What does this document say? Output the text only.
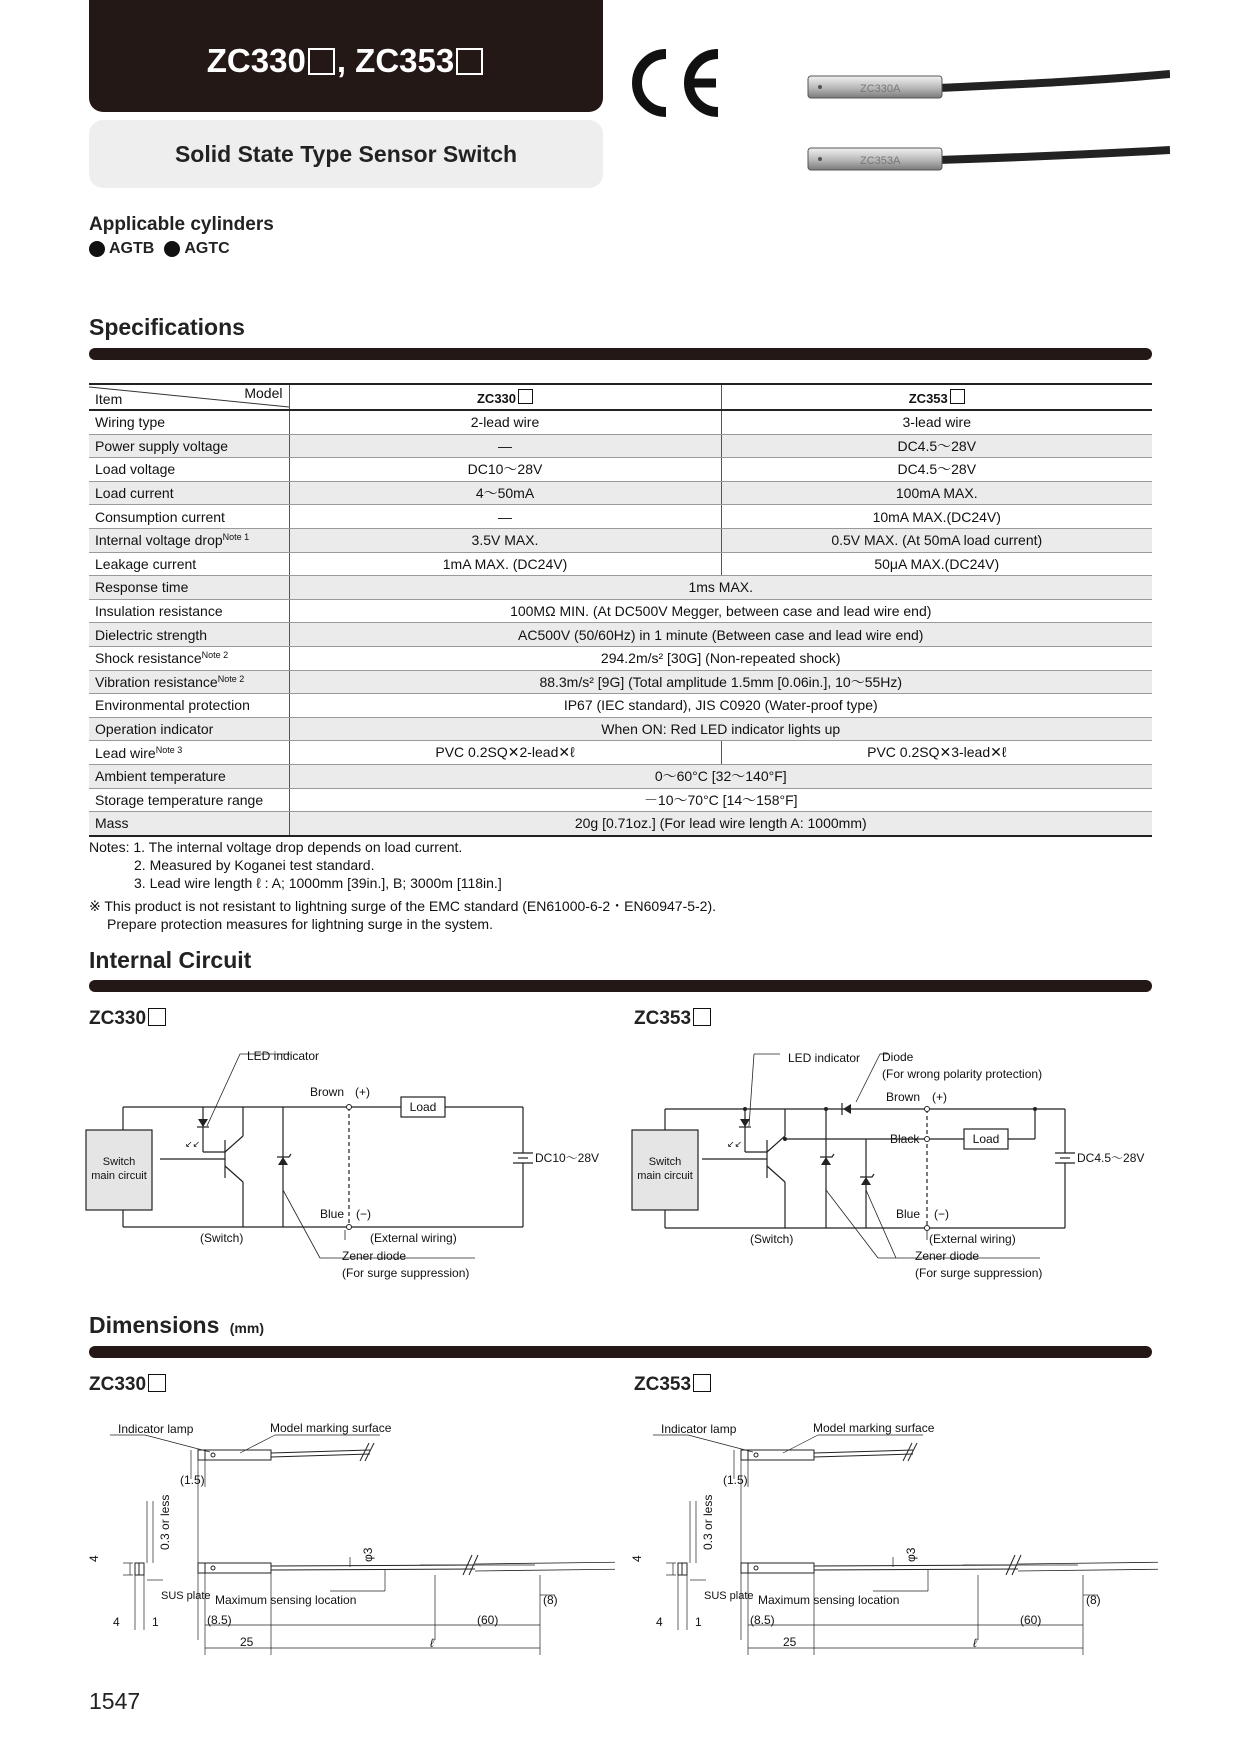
ZC330 , ZC353
Solid State Type Sensor Switch
ZC330A
ZC353A
Applicable cylinders
AGTB AGTC
Specifications
Item Model	ZC330	ZC353
Wiring type	2-lead wire	3-lead wire
Power supply voltage	—	DC4.5～28V
Load voltage	DC10～28V	DC4.5～28V
Load current	4～50mA	100mA MAX.
Consumption current	—	10mA MAX.(DC24V)
Internal voltage drop$^{Note 1}$	3.5V MAX.	0.5V MAX. (At 50mA load current)
Leakage current	1mA MAX. (DC24V)	50μA MAX.(DC24V)
Response time	1ms MAX.	
Insulation resistance	100MΩ MIN. (At DC500V Megger, between case and lead wire end)	
Dielectric strength	AC500V (50/60Hz) in 1 minute (Between case and lead wire end)	
Shock resistance$^{Note 2}$	294.2m/s² [30G] (Non-repeated shock)	
Vibration resistance$^{Note 2}$	88.3m/s² [9G] (Total amplitude 1.5mm [0.06in.], 10～55Hz)	
Environmental protection	IP67 (IEC standard), JIS C0920 (Water-proof type)	
Operation indicator	When ON: Red LED indicator lights up	
Lead wire$^{Note 3}$	PVC 0.2SQ✕2-lead✕ℓ	PVC 0.2SQ✕3-lead✕ℓ
Ambient temperature	0～60°C [32～140°F]	
Storage temperature range	－10～70°C [14～158°F]	
Mass	20g [0.71oz.] (For lead wire length A: 1000mm)	
Notes: 1. The internal voltage drop depends on load current.
2. Measured by Koganei test standard.
3. Lead wire length ℓ : A; 1000mm [39in.], B; 3000m [118in.]
※ This product is not resistant to lightning surge of the EMC standard (EN61000-6-2・EN60947-5-2).
Prepare protection measures for lightning surge in the system.
Internal Circuit
ZC330	ZC353
Switch
main circuit
↙↙
Load
LED indicator
Brown (+)
DC10～28V
Blue (−)
(Switch)	(External wiring)
Zener diode
(For surge suppression)
Switch
main circuit
↙↙	Load
LED indicator Diode
(For wrong polarity protection)
Brown (+)
Black
DC4.5～28V
Blue (−)
(Switch)	(External wiring)
Zener diode
(For surge suppression)
Dimensions (mm)
ZC330	ZC353
Indicator lamp	Model marking surface
(1.5)
0.3 or less
4	φ3
SUS plate Maximum sensing location	(8)
4	1	(8.5)	(60)
25	ℓ
Indicator lamp	Model marking surface
(1.5)
0.3 or less
4	φ3
SUS plate Maximum sensing location	(8)
4	1	(8.5)	(60)
25	ℓ
1547
